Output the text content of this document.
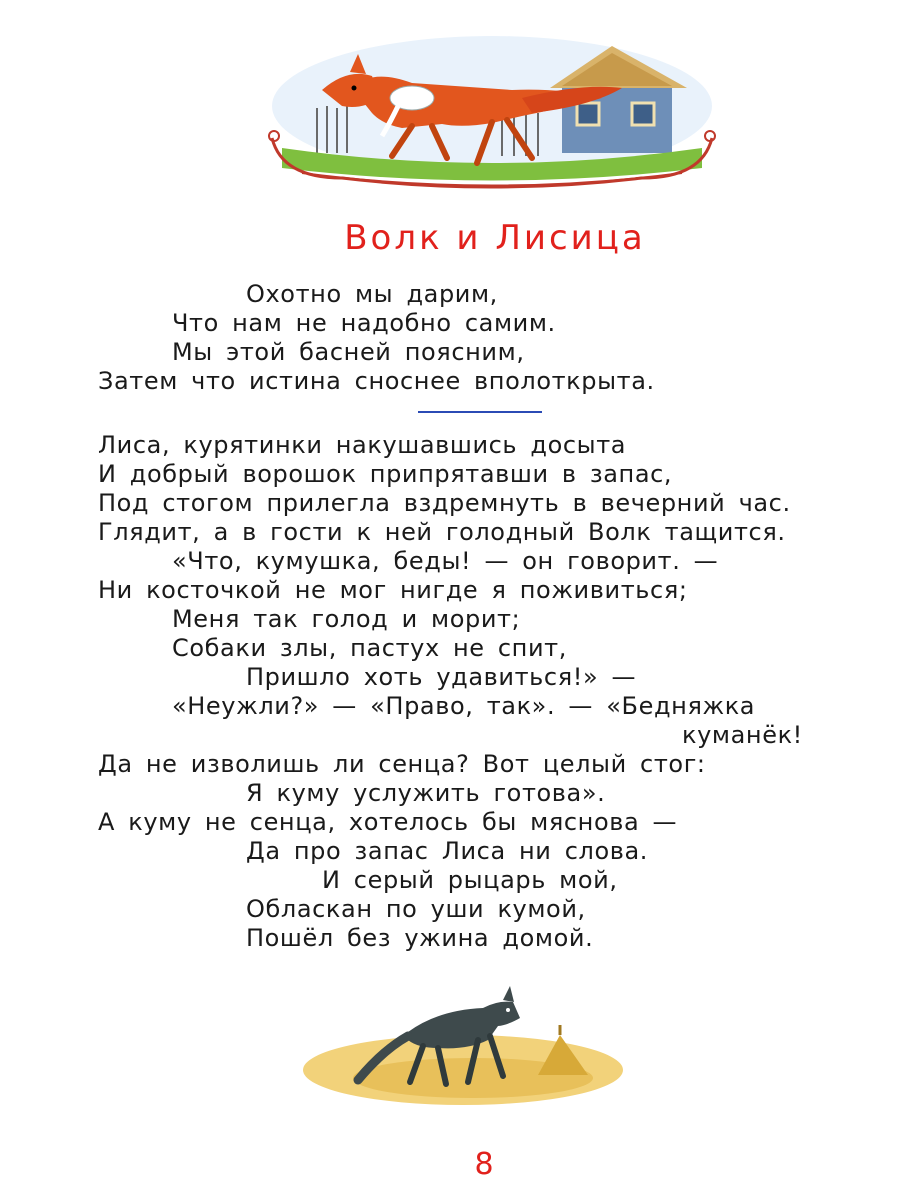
Волк и Лисица
Охотно мы дарим,
Что нам не надобно самим.
Мы этой басней поясним,
Затем что истина сноснее вполоткрыта.
Лиса, курятинки накушавшись досыта
И добрый ворошок припрятавши в запас,
Под стогом прилегла вздремнуть в вечерний час.
Глядит, а в гости к ней голодный Волк тащится.
«Что, кумушка, беды! — он говорит. —
Ни косточкой не мог нигде я поживиться;
Меня так голод и морит;
Собаки злы, пастух не спит,
Пришло хоть удавиться!» —
«Неужли?» — «Право, так». — «Бедняжка
куманёк!
Да не изволишь ли сенца? Вот целый стог:
Я куму услужить готова».
А куму не сенца, хотелось бы мяснова —
Да про запас Лиса ни слова.
И серый рыцарь мой,
Обласкан по уши кумой,
Пошёл без ужина домой.
8
